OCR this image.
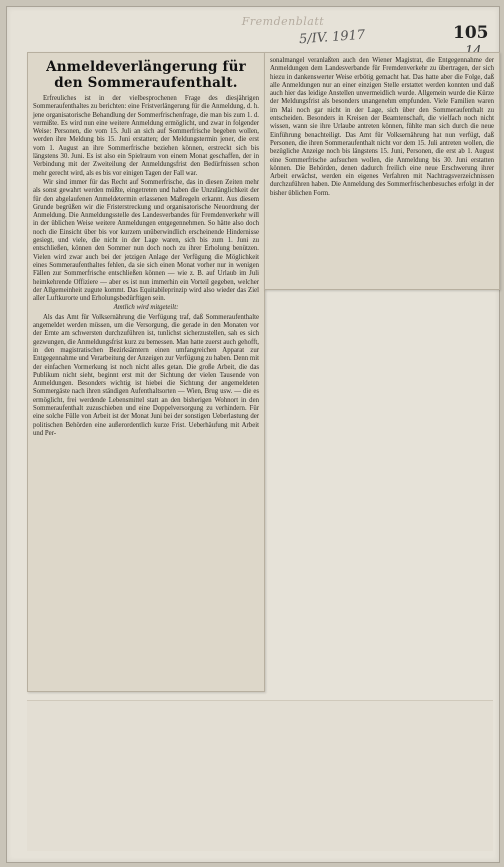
Fremdenblatt
5/IV. 1917	105
Anmeldeverlängerung für den Sommeraufenthalt.

Erfreuliches ist in der vielbesprochenen Frage des diesjährigen Sommeraufenthaltes zu berichten: eine Fristverlängerung für die Anmeldung, d. h. jene organisatorische Behandlung der Sommerfrischenfrage, die man bis zum 1. d. vermißte. Es wird nun eine weitere Anmeldung ermöglicht, und zwar in folgender Weise: Personen, die vom 15. Juli an sich auf Sommerfrische begeben wollen, werden ihre Meldung bis 15. Juni erstatten; der Meldungstermin jener, die erst vom 1. August an ihre Sommerfrische beziehen können, erstreckt sich bis längstens 30. Juni. Es ist also ein Spielraum von einem Monat geschaffen, der in Verbindung mit der Zweiteilung der Anmeldungsfrist den Bedürfnissen schon mehr gerecht wird, als es bis vor einigen Tagen der Fall war.

Wir sind immer für das Recht auf Sommerfrische, das in diesen Zeiten mehr als sonst gewahrt werden müßte, eingetreten und haben die Unzulänglichkeit der für den abgelaufenen Anmeldetermin erlassenen Maßregeln erkannt. Aus diesem Grunde begrüßen wir die Fristerstreckung und organisatorische Neuordnung der Anmeldung. Die Anmeldungsstelle des Landesverbandes für Fremdenverkehr will in der üblichen Weise weitere Anmeldungen entgegennehmen. So hätte also doch noch die Einsicht über bis vor kurzem unüberwindlich erscheinende Hindernisse gesiegt, und viele, die nicht in der Lage waren, sich bis zum 1. Juni zu entschließen, können den Sommer nun doch noch zu ihrer Erholung benützen. Vielen wird zwar auch bei der jetzigen Anlage der Verfügung die Möglichkeit eines Sommeraufenthaltes fehlen, da sie sich einen Monat vorher nur in wenigen Fällen zur Sommerfrische entschließen können — wie z. B. auf Urlaub im Juli heimkehrende Offiziere — aber es ist nun immerhin ein Vorteil gegeben, welcher der Allgemeinheit zugute kommt. Das Equitabileprinzip wird also wieder das Ziel aller Luftkurorte und Erholungsbedürftigen sein.

Amtlich wird mitgeteilt:

Als das Amt für Volksernährung die Verfügung traf, daß Sommeraufenthalte angemeldet werden müssen, um die Versorgung, die gerade in den Monaten vor der Ernte am schwersten durchzuführen ist, tunlichst sicherzustellen, sah es sich gezwungen, die Anmeldungsfrist kurz zu bemessen. Man hatte zuerst auch gehofft, in den magistratischen Bezirksämtern einen umfangreichen Apparat zur Entgegennahme und Verarbeitung der Anzeigen zur Verfügung zu haben. Denn mit der einfachen Vormerkung ist noch nicht alles getan. Die große Arbeit, die das Publikum nicht sieht, beginnt erst mit der Sichtung der vielen Tausende von Anmeldungen. Besonders wichtig ist hiebei die Sichtung der angemeldeten Sommergäste nach ihren ständigen Aufenthaltsorten — Wien, Brug usw. — die es ermöglicht, frei werdende Lebensmittel statt an den bisherigen Wohnort in den Sommeraufenthalt zuzuschieben und eine Doppelversorgung zu verhindern. Für eine solche Fülle von Arbeit ist der Monat Juni bei der sonstigen Ueberlastung der politischen Behörden eine außerordentlich kurze Frist. Ueberhäufung mit Arbeit und Per-

sonalmangel veranlaßten auch den Wiener Magistrat, die Entgegennahme der Anmeldungen dem Landesverbande für Fremdenverkehr zu übertragen, der sich hiezu in dankenswerter Weise erbötig gemacht hat. Das hatte aber die Folge, daß alle Anmeldungen nur an einer einzigen Stelle erstattet werden konnten und daß auch hier das leidige Anstellen unvermeidlich wurde. Allgemein wurde die Kürze der Meldungsfrist als besonders unangenehm empfunden. Viele Familien waren im Mai noch gar nicht in der Lage, sich über den Sommeraufenthalt zu entscheiden. Besonders in Kreisen der Beamtenschaft, die vielfach noch nicht wissen, wann sie ihre Urlaube antreten können, fühlte man sich durch die neue Einführung benachteiligt. Das Amt für Volksernährung hat nun verfügt, daß Personen, die ihren Sommeraufenthalt nicht vor dem 15. Juli antreten wollen, die bezügliche Anzeige noch bis längstens 15. Juni, Personen, die erst ab 1. August eine Sommerfrische aufsuchen wollen, die Anmeldung bis 30. Juni erstatten können. Die Behörden, denen dadurch freilich eine neue Erschwerung ihrer Arbeit erwächst, werden ein eigenes Verfahren mit Nachtragsverzeichnissen durchzuführen haben. Die Anmeldung des Sommerfrischenbesuches erfolgt in der bisher üblichen Form.
